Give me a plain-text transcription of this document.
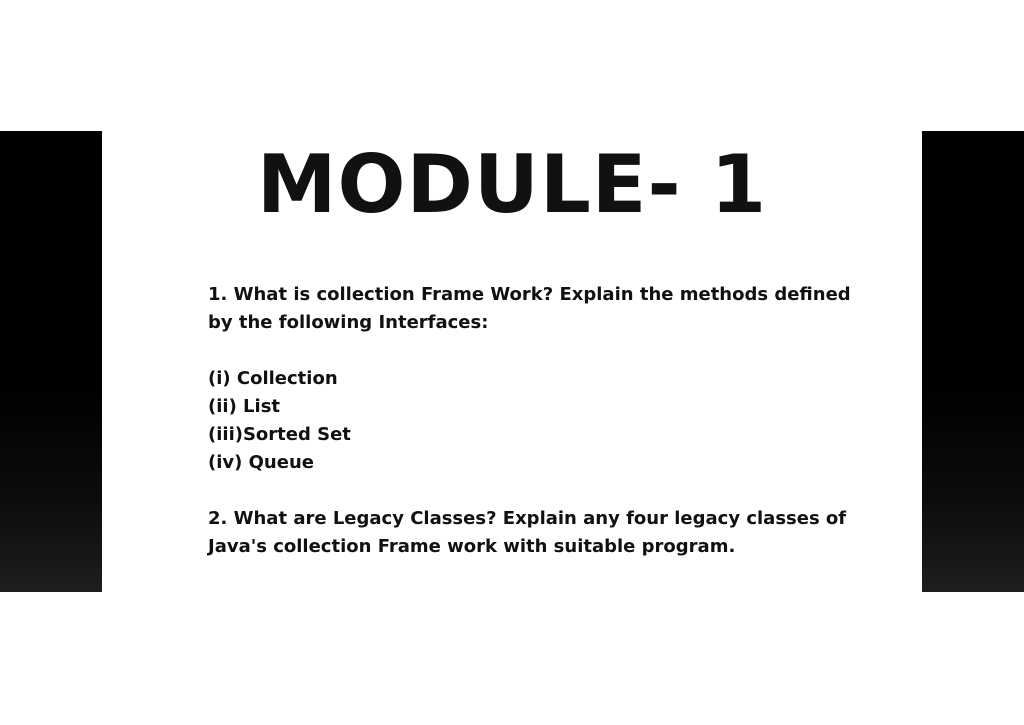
MODULE- 1

1. What is collection Frame Work? Explain the methods defined by the following Interfaces:

(i) Collection
(ii) List
(iii)Sorted Set
(iv) Queue

2. What are Legacy Classes? Explain any four legacy classes of Java's collection Frame work with suitable program.
